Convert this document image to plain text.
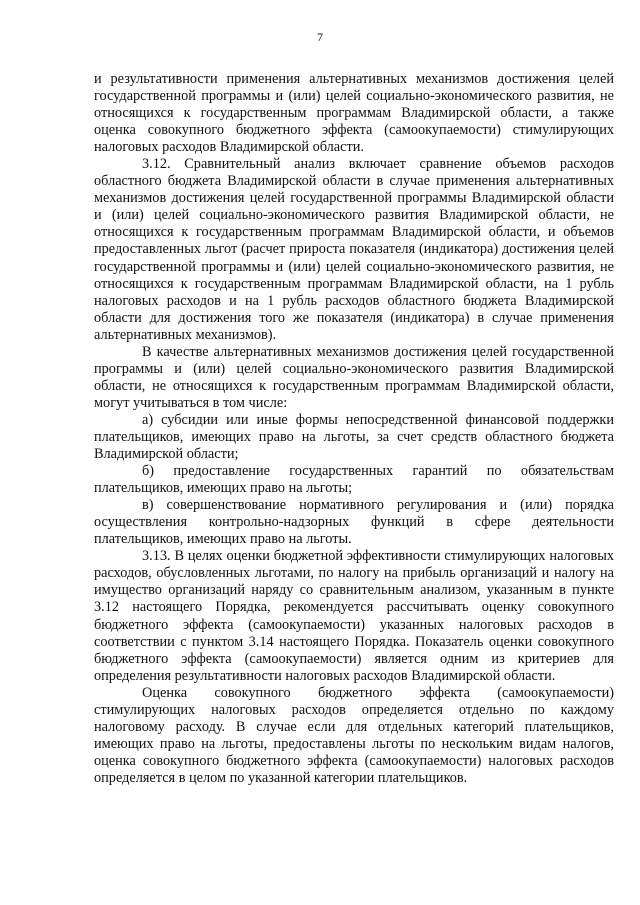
7

и результативности применения альтернативных механизмов достижения целей государственной программы и (или) целей социально-экономического развития, не относящихся к государственным программам Владимирской области, а также оценка совокупного бюджетного эффекта (самоокупаемости) стимулирующих налоговых расходов Владимирской области.

3.12. Сравнительный анализ включает сравнение объемов расходов областного бюджета Владимирской области в случае применения альтернативных механизмов достижения целей государственной программы Владимирской области и (или) целей социально-экономического развития Владимирской области, не относящихся к государственным программам Владимирской области, и объемов предоставленных льгот (расчет прироста показателя (индикатора) достижения целей государственной программы и (или) целей социально-экономического развития, не относящихся к государственным программам Владимирской области, на 1 рубль налоговых расходов и на 1 рубль расходов областного бюджета Владимирской области для достижения того же показателя (индикатора) в случае применения альтернативных механизмов).

В качестве альтернативных механизмов достижения целей государственной программы и (или) целей социально-экономического развития Владимирской области, не относящихся к государственным программам Владимирской области, могут учитываться в том числе:

а) субсидии или иные формы непосредственной финансовой поддержки плательщиков, имеющих право на льготы, за счет средств областного бюджета Владимирской области;

б) предоставление государственных гарантий по обязательствам плательщиков, имеющих право на льготы;

в) совершенствование нормативного регулирования и (или) порядка осуществления контрольно-надзорных функций в сфере деятельности плательщиков, имеющих право на льготы.

3.13. В целях оценки бюджетной эффективности стимулирующих налоговых расходов, обусловленных льготами, по налогу на прибыль организаций и налогу на имущество организаций наряду со сравнительным анализом, указанным в пункте 3.12 настоящего Порядка, рекомендуется рассчитывать оценку совокупного бюджетного эффекта (самоокупаемости) указанных налоговых расходов в соответствии с пунктом 3.14 настоящего Порядка. Показатель оценки совокупного бюджетного эффекта (самоокупаемости) является одним из критериев для определения результативности налоговых расходов Владимирской области.

Оценка совокупного бюджетного эффекта (самоокупаемости) стимулирующих налоговых расходов определяется отдельно по каждому налоговому расходу. В случае если для отдельных категорий плательщиков, имеющих право на льготы, предоставлены льготы по нескольким видам налогов, оценка совокупного бюджетного эффекта (самоокупаемости) налоговых расходов определяется в целом по указанной категории плательщиков.
